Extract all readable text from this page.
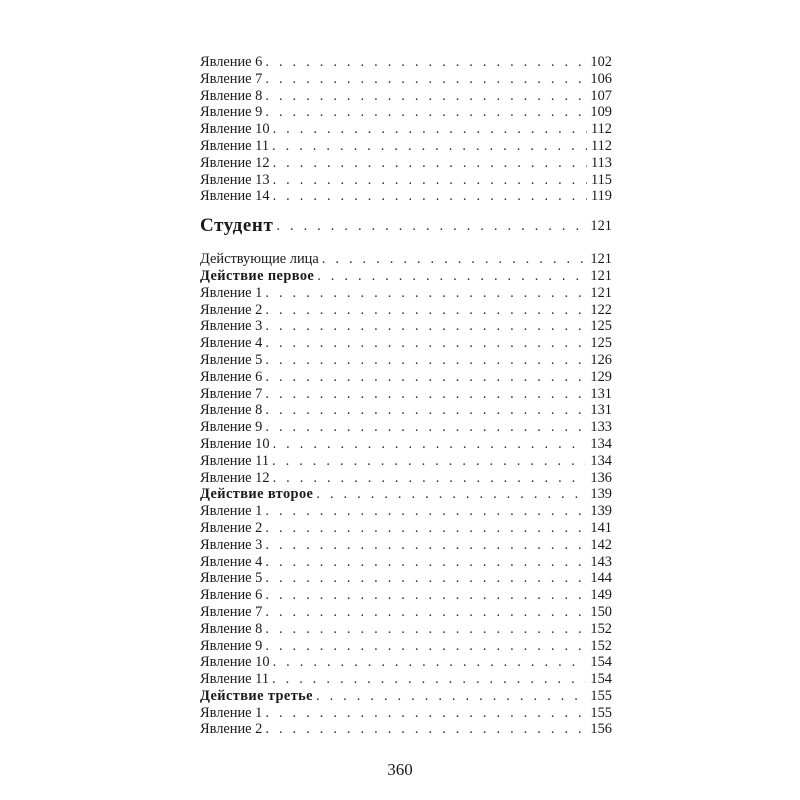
Явление 6 . . .	102
Явление 7 . . .	106
Явление 8 . . .	107
Явление 9 . . .	109
Явление 10 . . .	112
Явление 11 . . .	112
Явление 12 . . .	113
Явление 13 . . .	115
Явление 14 . . .	119
Студент . . .	121
Действующие лица . . .	121
Действие первое . . .	121
Явление 1 . . .	121
Явление 2 . . .	122
Явление 3 . . .	125
Явление 4 . . .	125
Явление 5 . . .	126
Явление 6 . . .	129
Явление 7 . . .	131
Явление 8 . . .	131
Явление 9 . . .	133
Явление 10 . . .	134
Явление 11 . . .	134
Явление 12 . . .	136
Действие второе . . .	139
Явление 1 . . .	139
Явление 2 . . .	141
Явление 3 . . .	142
Явление 4 . . .	143
Явление 5 . . .	144
Явление 6 . . .	149
Явление 7 . . .	150
Явление 8 . . .	152
Явление 9 . . .	152
Явление 10 . . .	154
Явление 11 . . .	154
Действие третье . . .	155
Явление 1 . . .	155
Явление 2 . . .	156
360
